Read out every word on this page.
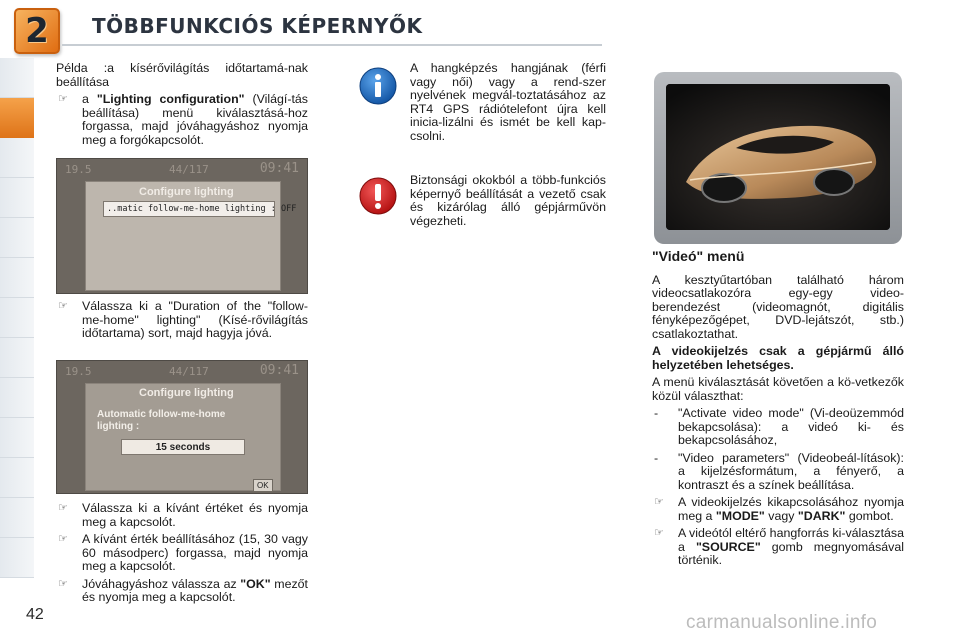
2 TÖBBFUNKCIÓS KÉPERNYŐK

Példa :a kísérővilágítás időtartamá-nak beállítása

☞ a "Lighting configuration" (Világí-tás beállítása) menü kiválasztásá-hoz forgassa, majd jóváhagyáshoz nyomja meg a forgókapcsolót.
19.5	44/117	09:41
Configure lighting
..matic follow-me-home lighting : OFF
☞ Válassza ki a "Duration of the "follow-me-home" lighting" (Kísé-rővilágítás időtartama) sort, majd hagyja jóvá.
19.5	44/117	09:41
Configure lighting
Automatic follow-me-home
lighting :
15 seconds
OK
☞ Válassza ki a kívánt értéket és nyomja meg a kapcsolót.
☞ A kívánt érték beállításához (15, 30 vagy 60 másodperc) forgassa, majd nyomja meg a kapcsolót.
☞ Jóváhagyáshoz válassza az "OK" mezőt és nyomja meg a kapcsolót.
A hangképzés hangjának (férfi vagy női) vagy a rend-szer nyelvének megvál-toztatásához az RT4 GPS rádiótelefont újra kell inicia-lizálni és ismét be kell kap-csolni.
Biztonsági okokból a több-funkciós képernyő beállítását a vezető csak és kizárólag álló gépjárművön végezheti.
"Videó" menü

A kesztyűtartóban található három videocsatlakozóra egy-egy video-berendezést (videomagnót, digitális fényképezőgépet, DVD-lejátszót, stb.) csatlakoztathat.

A videokijelzés csak a gépjármű álló helyzetében lehetséges.

A menü kiválasztását követően a kö-vetkezők közül választhat:

- "Activate video mode" (Vi-deoüzemmód bekapcsolása): a videó ki- és bekapcsolásához,
- "Video parameters" (Videobeál-lítások): a kijelzésformátum, a fényerő, a kontraszt és a színek beállítása.
☞ A videokijelzés kikapcsolásához nyomja meg a "MODE" vagy "DARK" gombot.
☞ A videótól eltérő hangforrás ki-választása a "SOURCE" gomb megnyomásával történik.
42	carmanualsonline.info
